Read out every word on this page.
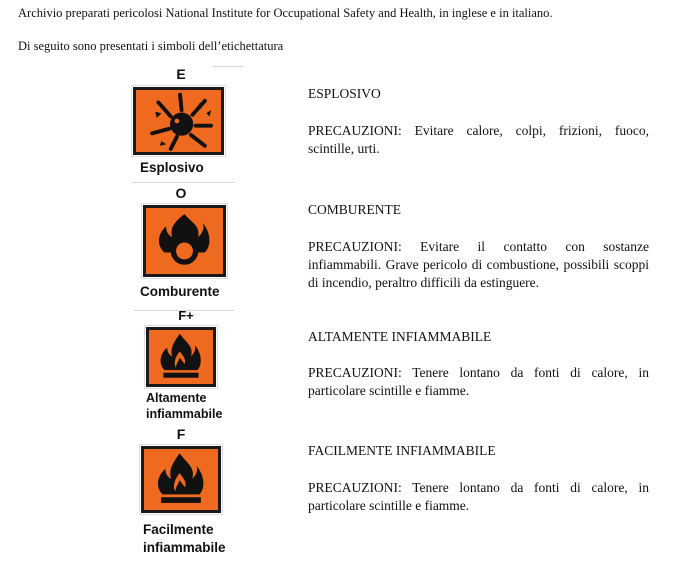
Archivio preparati pericolosi National Institute for Occupational Safety and Health, in inglese e in italiano.
Di seguito sono presentati i simboli dell’etichettatura
E
Esplosivo
ESPLOSIVO
PRECAUZIONI: Evitare calore, colpi, frizioni, fuoco, scintille, urti.
O
Comburente
COMBURENTE
PRECAUZIONI: Evitare il contatto con sostanze infiammabili. Grave pericolo di combustione, possibili scoppi di incendio, peraltro difficili da estinguere.
F+
Altamente
infiammabile
ALTAMENTE INFIAMMABILE
PRECAUZIONI: Tenere lontano da fonti di calore, in particolare scintille e fiamme.
F
Facilmente
infiammabile
FACILMENTE INFIAMMABILE
PRECAUZIONI: Tenere lontano da fonti di calore, in particolare scintille e fiamme.
